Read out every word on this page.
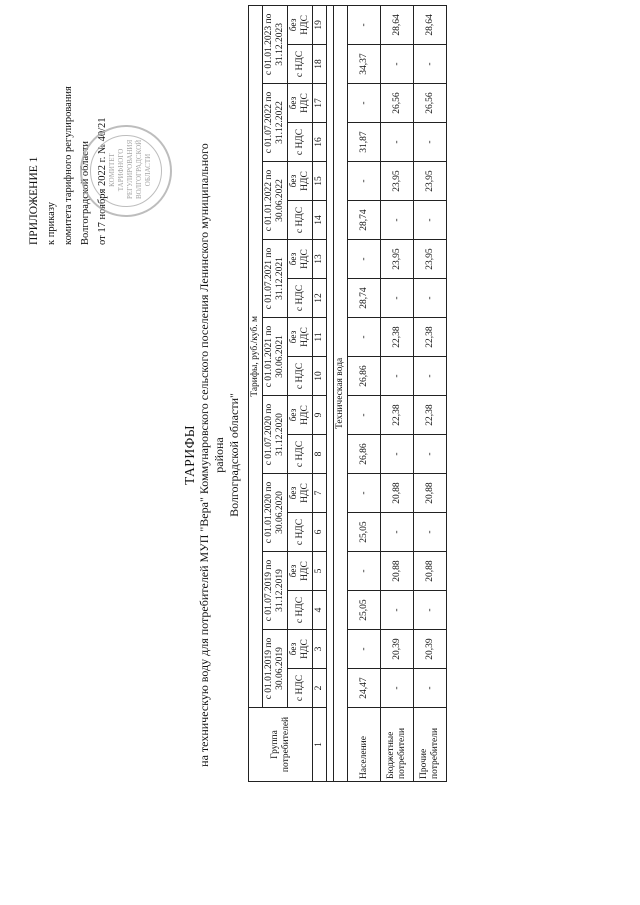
ПРИЛОЖЕНИЕ 1 к приказу комитета тарифного регулирования Волгоградской области от 17 ноября 2022 г. № 40/21 КОМИТЕТ ТАРИФНОГО РЕГУЛИРОВАНИЯ ВОЛГОГРАДСКОЙ ОБЛАСТИ
ТАРИФЫ на техническую воду для потребителей МУП "Вера" Коммунаровского сельского поселения Ленинского муниципального района Волгоградской области"
Группа потребителей	Тарифы, руб./куб. м																	
	с 01.01.2019 по 30.06.2019		с 01.07.2019 по 31.12.2019		с 01.01.2020 по 30.06.2020		с 01.07.2020 по 31.12.2020		с 01.01.2021 по 30.06.2021		с 01.07.2021 по 31.12.2021		с 01.01.2022 по 30.06.2022		с 01.07.2022 по 31.12.2022		с 01.01.2023 по 31.12.2023	
	с НДС	без НДС	с НДС	без НДС	с НДС	без НДС	с НДС	без НДС	с НДС	без НДС	с НДС	без НДС	с НДС	без НДС	с НДС	без НДС	с НДС	без НДС
1	2	3	4	5	6	7	8	9	10	11	12	13	14	15	16	17	18	19

Техническая вода																		
Население	24,47	-	25,05	-	25,05	-	26,86	-	26,86	-	28,74	-	28,74	-	31,87	-	34,37	-
Бюджетные потребители	-	20,39	-	20,88	-	20,88	-	22,38	-	22,38	-	23,95	-	23,95	-	26,56	-	28,64
Прочие потребители	-	20,39	-	20,88	-	20,88	-	22,38	-	22,38	-	23,95	-	23,95	-	26,56	-	28,64
